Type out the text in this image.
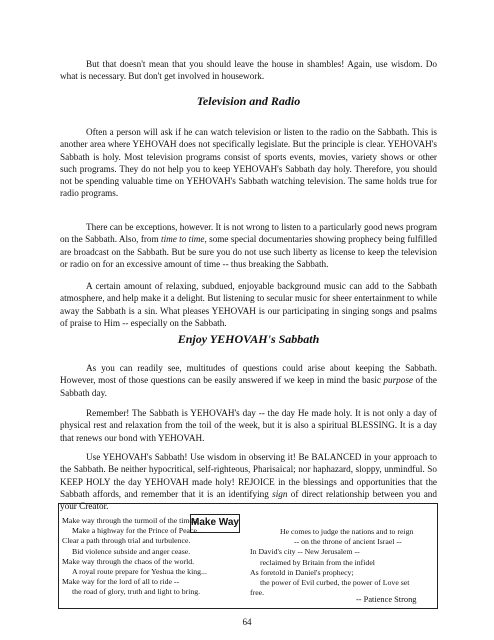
But that doesn't mean that you should leave the house in shambles! Again, use wisdom. Do what is necessary. But don't get involved in housework.
Television and Radio
Often a person will ask if he can watch television or listen to the radio on the Sabbath. This is another area where YEHOVAH does not specifically legislate. But the principle is clear. YEHOVAH's Sabbath is holy. Most television programs consist of sports events, movies, variety shows or other such programs. They do not help you to keep YEHOVAH's Sabbath day holy. Therefore, you should not be spending valuable time on YEHOVAH's Sabbath watching television. The same holds true for radio programs.
There can be exceptions, however. It is not wrong to listen to a particularly good news program on the Sabbath. Also, from time to time, some special documentaries showing prophecy being fulfilled are broadcast on the Sabbath. But be sure you do not use such liberty as license to keep the television or radio on for an excessive amount of time -- thus breaking the Sabbath.
A certain amount of relaxing, subdued, enjoyable background music can add to the Sabbath atmosphere, and help make it a delight. But listening to secular music for sheer entertainment to while away the Sabbath is a sin. What pleases YEHOVAH is our participating in singing songs and psalms of praise to Him -- especially on the Sabbath.
Enjoy YEHOVAH's Sabbath
As you can readily see, multitudes of questions could arise about keeping the Sabbath. However, most of those questions can be easily answered if we keep in mind the basic purpose of the Sabbath day.
Remember! The Sabbath is YEHOVAH's day -- the day He made holy. It is not only a day of physical rest and relaxation from the toil of the week, but it is also a spiritual BLESSING. It is a day that renews our bond with YEHOVAH.
Use YEHOVAH's Sabbath! Use wisdom in observing it! Be BALANCED in your approach to the Sabbath. Be neither hypocritical, self-righteous, Pharisaical; nor haphazard, sloppy, unmindful. So KEEP HOLY the day YEHOVAH made holy! REJOICE in the blessings and opportunities that the Sabbath affords, and remember that it is an identifying sign of direct relationship between you and your Creator.
Make Way
Make way through the turmoil of the times.
Make a highway for the Prince of Peace...
Clear a path through trial and turbulence.
Bid violence subside and anger cease.
Make way through the chaos of the world.
A royal route prepare for Yeshua the king...
Make way for the lord of all to ride --
the road of glory, truth and light to bring.
He comes to judge the nations and to reign
-- on the throne of ancient Israel --
In David's city -- New Jerusalem --
reclaimed by Britain from the infidel
As foretold in Daniel's prophecy;
the power of Evil curbed, the power of Love set
free.
-- Patience Strong
64
